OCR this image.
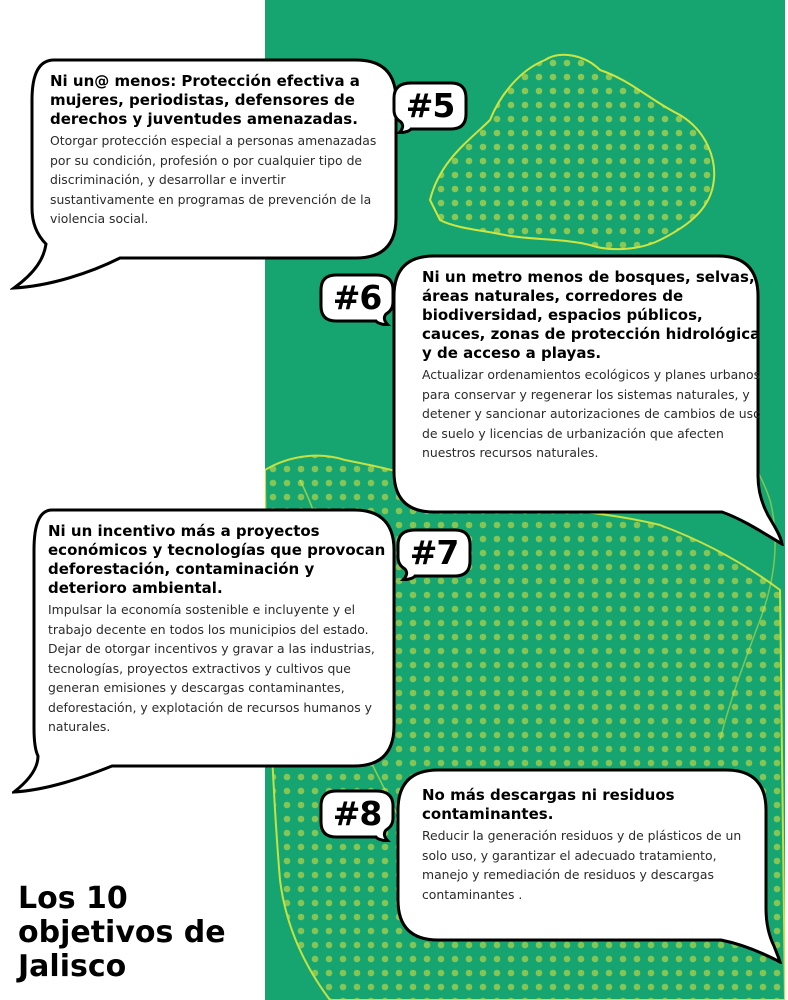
Ni un@ menos: Protección efectiva a mujeres, periodistas, defensores de derechos y juventudes amenazadas.

Otorgar protección especial a personas amenazadas por su condición, profesión o por cualquier tipo de discriminación, y desarrollar e invertir sustantivamente en programas de prevención de la violencia social.

#5

Ni un metro menos de bosques, selvas, áreas naturales, corredores de biodiversidad, espacios públicos, cauces, zonas de protección hidrológica y de acceso a playas.

Actualizar ordenamientos ecológicos y planes urbanos para conservar y regenerar los sistemas naturales, y detener y sancionar autorizaciones de cambios de uso de suelo y licencias de urbanización que afecten nuestros recursos naturales.

#6

Ni un incentivo más a proyectos económicos y tecnologías que provocan deforestación, contaminación y deterioro ambiental.

Impulsar la economía sostenible e incluyente y el trabajo decente en todos los municipios del estado. Dejar de otorgar incentivos y gravar a las industrias, tecnologías, proyectos extractivos y cultivos que generan emisiones y descargas contaminantes, deforestación, y explotación de recursos humanos y naturales.

#7

No más descargas ni residuos contaminantes.

Reducir la generación residuos y de plásticos de un solo uso, y garantizar el adecuado tratamiento, manejo y remediación de residuos y descargas contaminantes .

#8
Los 10
objetivos de
Jalisco
